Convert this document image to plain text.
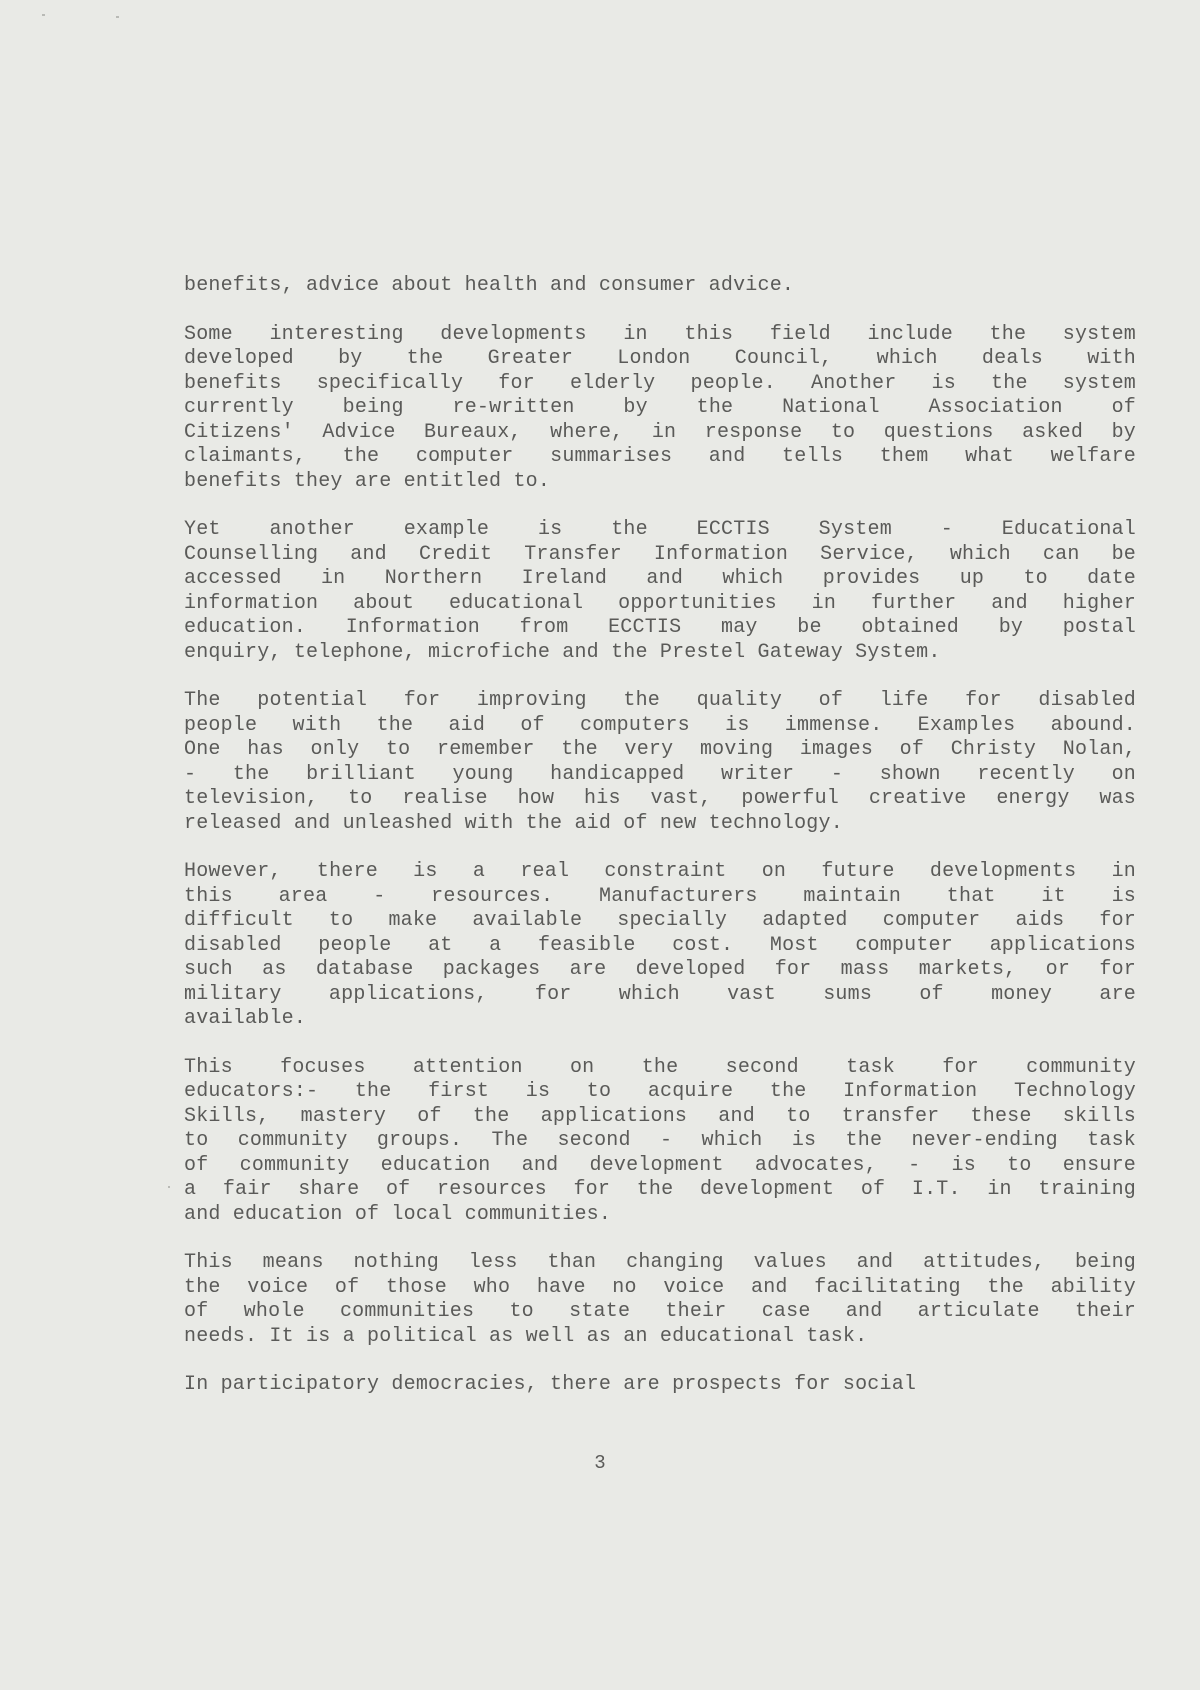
benefits, advice about health and consumer advice.
Some interesting developments in this field include the system
developed by the Greater London Council, which deals with
benefits specifically for elderly people. Another is the system
currently being re-written by the National Association of
Citizens' Advice Bureaux, where, in response to questions asked by
claimants, the computer summarises and tells them what welfare
benefits they are entitled to.
Yet another example is the ECCTIS System - Educational
Counselling and Credit Transfer Information Service, which can be
accessed in Northern Ireland and which provides up to date
information about educational opportunities in further and higher
education. Information from ECCTIS may be obtained by postal
enquiry, telephone, microfiche and the Prestel Gateway System.
The potential for improving the quality of life for disabled
people with the aid of computers is immense. Examples abound.
One has only to remember the very moving images of Christy Nolan,
- the brilliant young handicapped writer - shown recently on
television, to realise how his vast, powerful creative energy was
released and unleashed with the aid of new technology.
However, there is a real constraint on future developments in
this area - resources. Manufacturers maintain that it is
difficult to make available specially adapted computer aids for
disabled people at a feasible cost. Most computer applications
such as database packages are developed for mass markets, or for
military applications, for which vast sums of money are
available.
This focuses attention on the second task for community
educators:- the first is to acquire the Information Technology
Skills, mastery of the applications and to transfer these skills
to community groups. The second - which is the never-ending task
of community education and development advocates, - is to ensure
a fair share of resources for the development of I.T. in training
and education of local communities.
This means nothing less than changing values and attitudes, being
the voice of those who have no voice and facilitating the ability
of whole communities to state their case and articulate their
needs. It is a political as well as an educational task.
In participatory democracies, there are prospects for social
3
